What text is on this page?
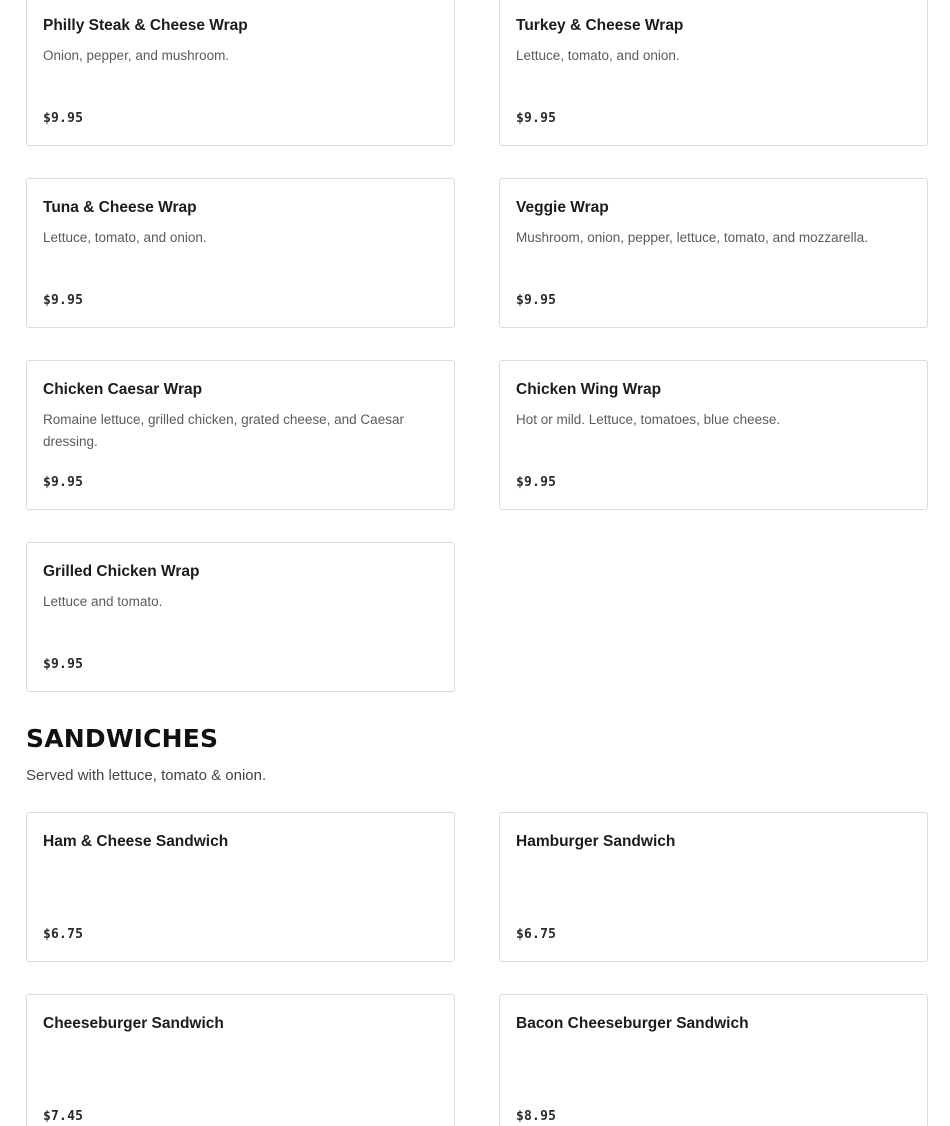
Philly Steak & Cheese Wrap
Onion, pepper, and mushroom.
$9.95
Turkey & Cheese Wrap
Lettuce, tomato, and onion.
$9.95
Tuna & Cheese Wrap
Lettuce, tomato, and onion.
$9.95
Veggie Wrap
Mushroom, onion, pepper, lettuce, tomato, and mozzarella.
$9.95
Chicken Caesar Wrap
Romaine lettuce, grilled chicken, grated cheese, and Caesar dressing.
$9.95
Chicken Wing Wrap
Hot or mild. Lettuce, tomatoes, blue cheese.
$9.95
Grilled Chicken Wrap
Lettuce and tomato.
$9.95
SANDWICHES

Served with lettuce, tomato & onion.

Ham & Cheese Sandwich
$6.75
Hamburger Sandwich
$6.75
Cheeseburger Sandwich
$7.45
Bacon Cheeseburger Sandwich
$8.95
